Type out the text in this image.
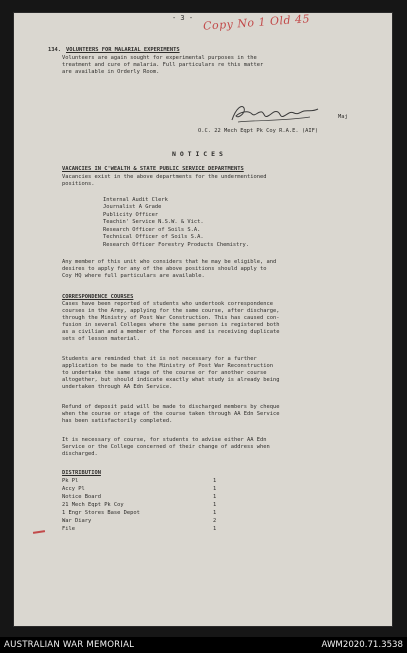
- 3 - Copy No 1 Old 45
134. VOLUNTEERS FOR MALARIAL EXPERIMENTS
Volunteers are again sought for experimental purposes in the
treatment and cure of malaria. Full particulars re this matter
are available in Orderly Room.
Maj
O.C. 22 Mech Eqpt Pk Coy R.A.E. (AIF)
N O T I C E S
VACANCIES IN C'WEALTH & STATE PUBLIC SERVICE DEPARTMENTS
Vacancies exist in the above departments for the undermentioned
positions.
Internal Audit Clerk
Journalist A Grade
Publicity Officer
Teachin' Service N.S.W. & Vict.
Research Officer of Soils S.A.
Technical Officer of Soils S.A.
Research Officer Forestry Products Chemistry.
Any member of this unit who considers that he may be eligible, and
desires to apply for any of the above positions should apply to
Coy HQ where full particulars are available.
CORRESPONDENCE COURSES
Cases have been reported of students who undertook correspondence
courses in the Army, applying for the same course, after discharge,
through the Ministry of Post War Construction. This has caused con-
fusion in several Colleges where the same person is registered both
as a civilian and a member of the Forces and is receiving duplicate
sets of lesson material.
Students are reminded that it is not necessary for a further
application to be made to the Ministry of Post War Reconstruction
to undertake the same stage of the course or for another course
altogether, but should indicate exactly what study is already being
undertaken through AA Edn Service.
Refund of deposit paid will be made to discharged members by cheque
when the course or stage of the course taken through AA Edn Service
has been satisfactorily completed.
It is necessary of course, for students to advise either AA Edn
Service or the College concerned of their change of address when
discharged.
DISTRIBUTION
Pk Pl	1
Accy Pl	1
Notice Board	1
21 Mech Eqpt Pk Coy	1
1 Engr Stores Base Depot	1
War Diary	2
File	1
AUSTRALIAN WAR MEMORIAL	AWM2020.71.3538
